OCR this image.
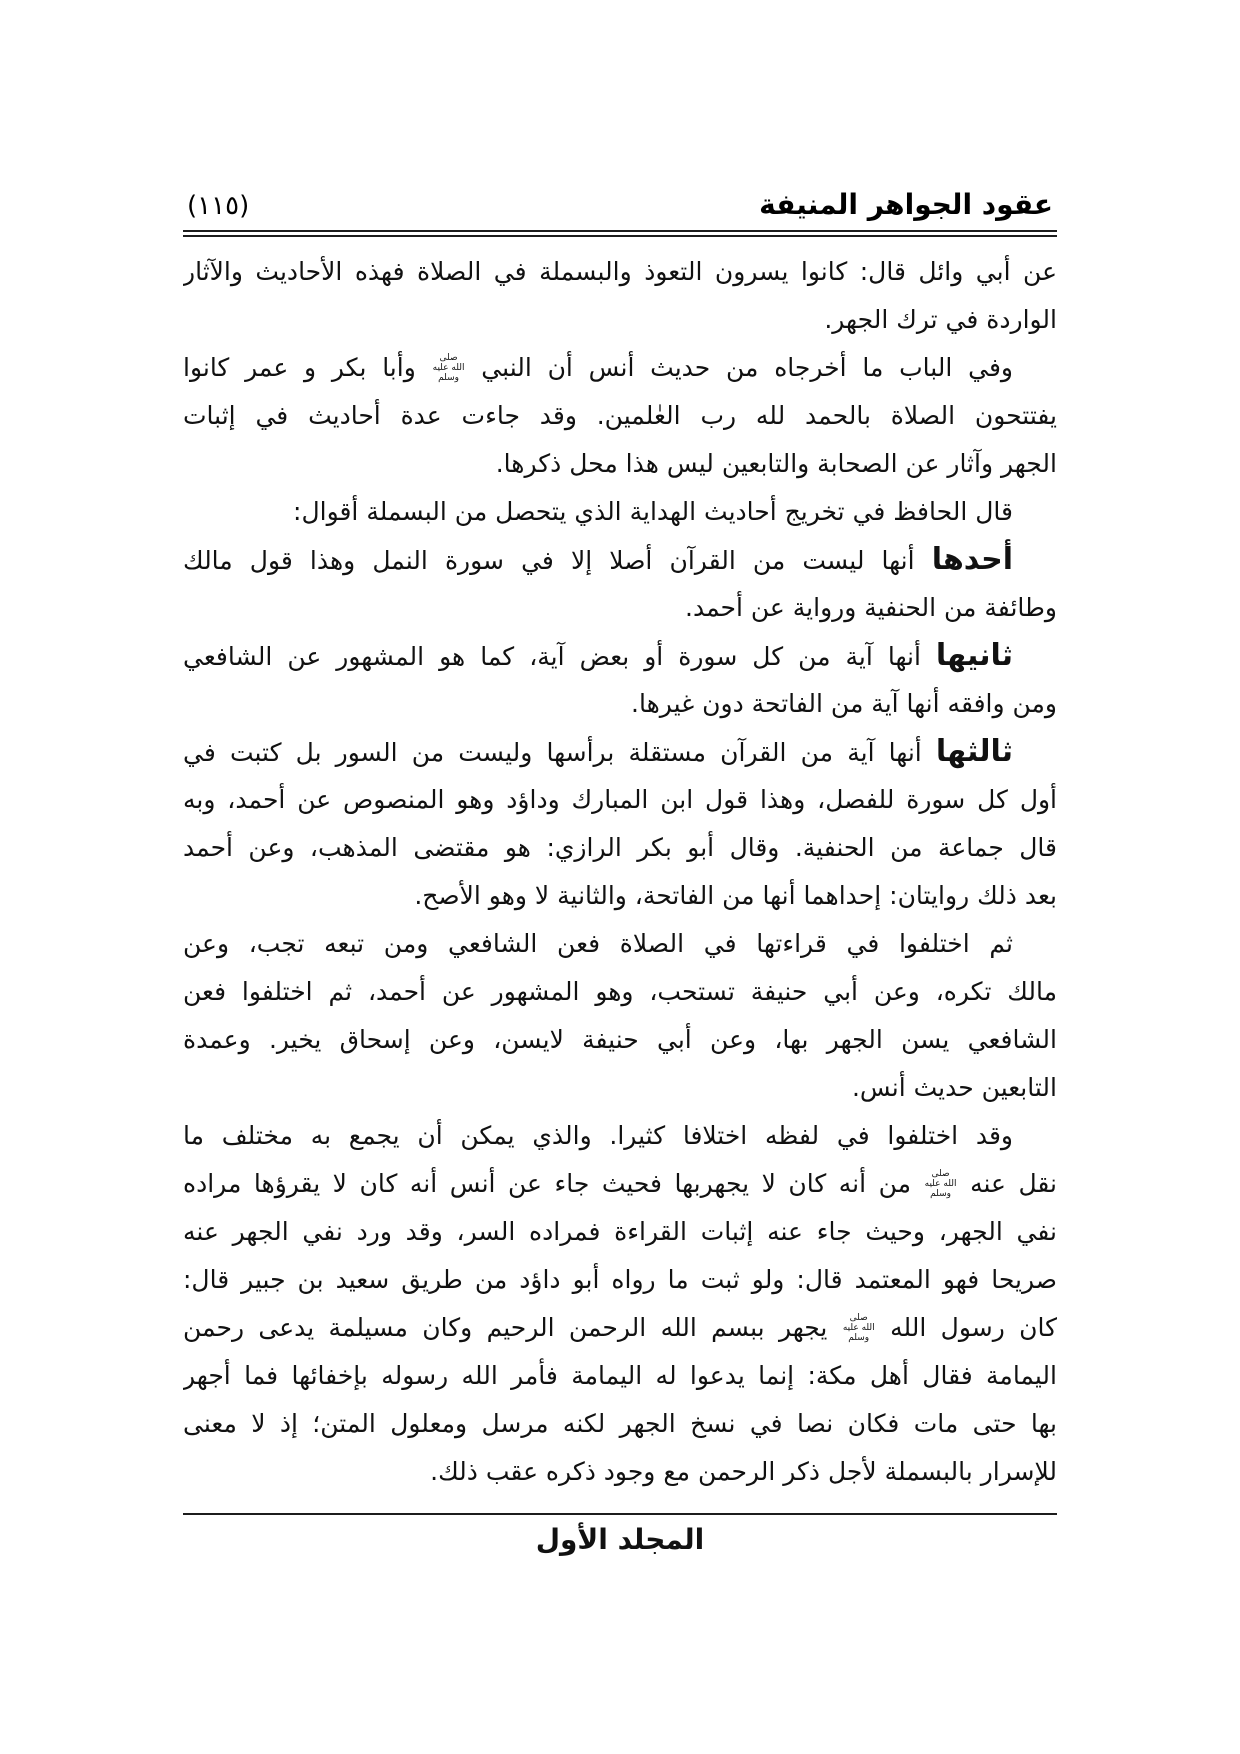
عقود الجواهر المنيفة
(١١٥)
عن أبي وائل قال: كانوا يسرون التعوذ والبسملة في الصلاة فهذه الأحاديث والآثار
الواردة في ترك الجهر.
وفي الباب ما أخرجاه من حديث أنس أن النبي صلى الله عليه وسلم وأبا بكر و عمر كانوا
يفتتحون الصلاة بالحمد لله رب العٰلمين. وقد جاءت عدة أحاديث في إثبات
الجهر وآثار عن الصحابة والتابعين ليس هذا محل ذكرها.
قال الحافظ في تخريج أحاديث الهداية الذي يتحصل من البسملة أقوال:
أحدها أنها ليست من القرآن أصلا إلا في سورة النمل وهذا قول مالك
وطائفة من الحنفية ورواية عن أحمد.
ثانيها أنها آية من كل سورة أو بعض آية، كما هو المشهور عن الشافعي
ومن وافقه أنها آية من الفاتحة دون غيرها.
ثالثها أنها آية من القرآن مستقلة برأسها وليست من السور بل كتبت في
أول كل سورة للفصل، وهذا قول ابن المبارك وداؤد وهو المنصوص عن أحمد، وبه
قال جماعة من الحنفية. وقال أبو بكر الرازي: هو مقتضى المذهب، وعن أحمد
بعد ذلك روايتان: إحداهما أنها من الفاتحة، والثانية لا وهو الأصح.
ثم اختلفوا في قراءتها في الصلاة فعن الشافعي ومن تبعه تجب، وعن
مالك تكره، وعن أبي حنيفة تستحب، وهو المشهور عن أحمد، ثم اختلفوا فعن
الشافعي يسن الجهر بها، وعن أبي حنيفة لايسن، وعن إسحاق يخير. وعمدة
التابعين حديث أنس.
وقد اختلفوا في لفظه اختلافا كثيرا. والذي يمكن أن يجمع به مختلف ما
نقل عنه صلى الله عليه وسلم من أنه كان لا يجهربها فحيث جاء عن أنس أنه كان لا يقرؤها مراده
نفي الجهر، وحيث جاء عنه إثبات القراءة فمراده السر، وقد ورد نفي الجهر عنه
صريحا فهو المعتمد قال: ولو ثبت ما رواه أبو داؤد من طريق سعيد بن جبير قال:
كان رسول الله صلى الله عليه وسلم يجهر ببسم الله الرحمن الرحيم وكان مسيلمة يدعى رحمن
اليمامة فقال أهل مكة: إنما يدعوا له اليمامة فأمر الله رسوله بإخفائها فما أجهر
بها حتى مات فكان نصا في نسخ الجهر لكنه مرسل ومعلول المتن؛ إذ لا معنى
للإسرار بالبسملة لأجل ذكر الرحمن مع وجود ذكره عقب ذلك.
المجلد الأول
